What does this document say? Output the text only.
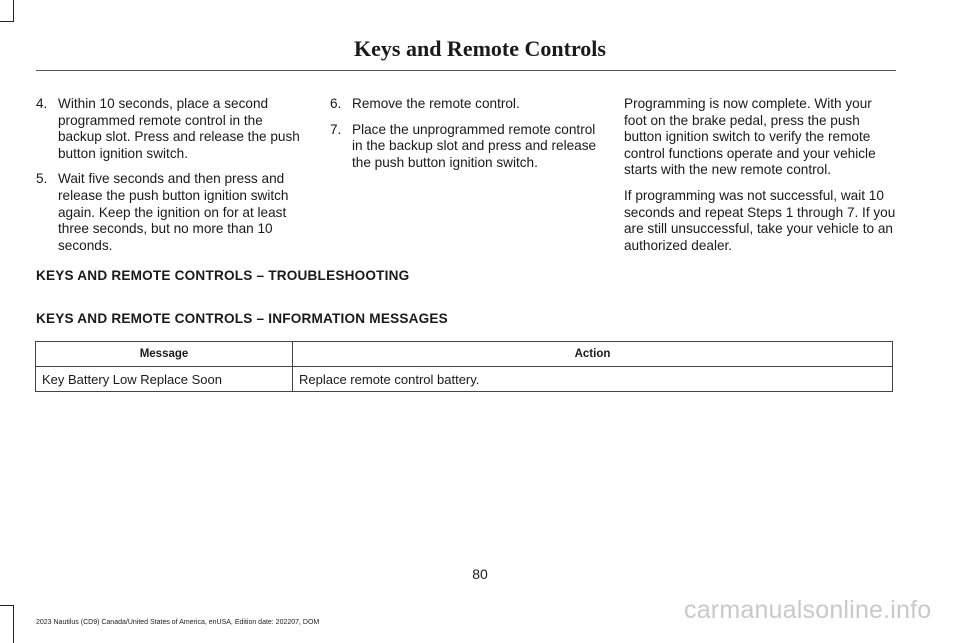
Keys and Remote Controls
4. Within 10 seconds, place a second programmed remote control in the backup slot. Press and release the push button ignition switch.
5. Wait five seconds and then press and release the push button ignition switch again. Keep the ignition on for at least three seconds, but no more than 10 seconds.
6. Remove the remote control.
7. Place the unprogrammed remote control in the backup slot and press and release the push button ignition switch.

Programming is now complete. With your foot on the brake pedal, press the push button ignition switch to verify the remote control functions operate and your vehicle starts with the new remote control.

If programming was not successful, wait 10 seconds and repeat Steps 1 through 7. If you are still unsuccessful, take your vehicle to an authorized dealer.

KEYS AND REMOTE CONTROLS – TROUBLESHOOTING
KEYS AND REMOTE CONTROLS – INFORMATION MESSAGES
Message	Action
Key Battery Low Replace Soon	Replace remote control battery.
80
2023 Nautilus (CD9) Canada/United States of America, enUSA, Edition date: 202207, DOM	carmanualsonline.info
